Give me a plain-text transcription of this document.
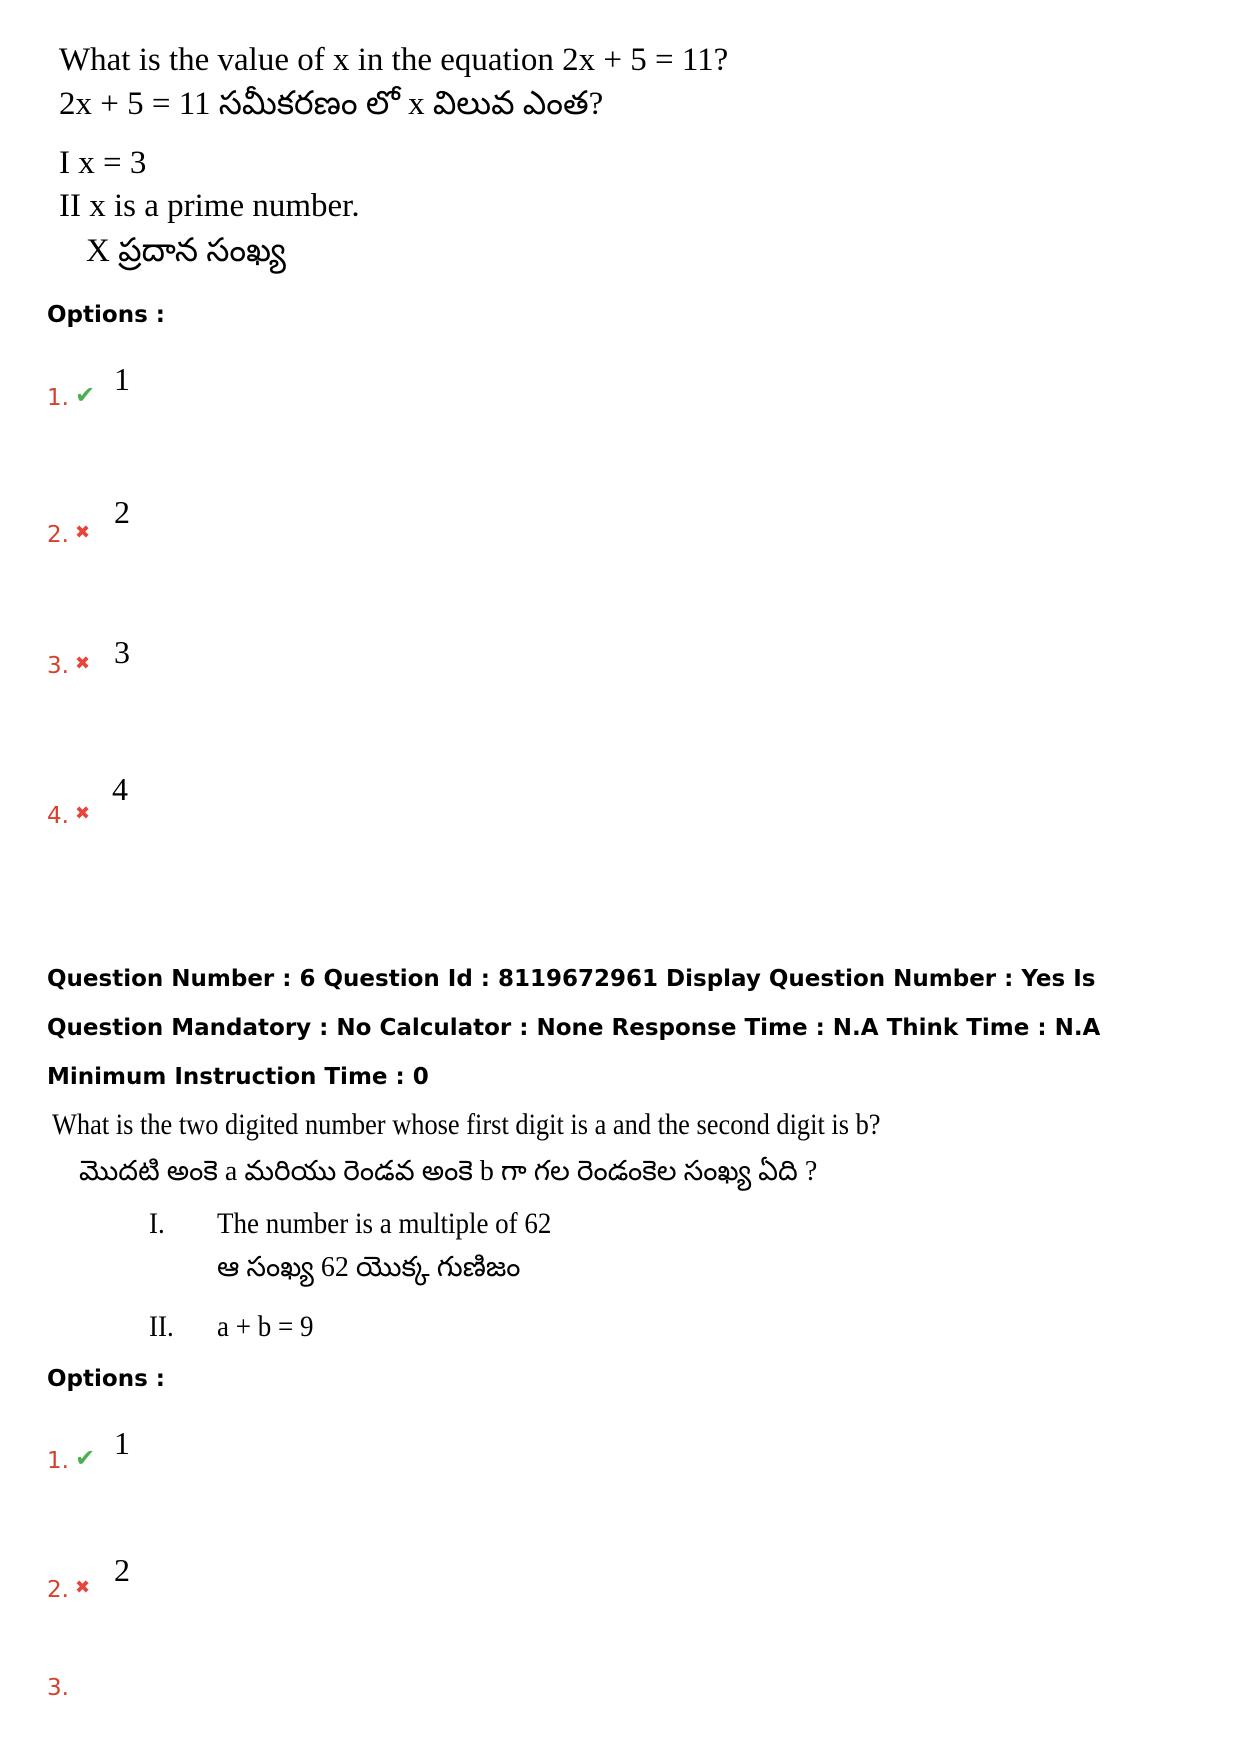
What is the value of x in the equation 2x + 5 = 11?
2x + 5 = 11 సమీకరణం లో x విలువ ఎంత?
I x = 3
II x is a prime number.
X ప్రదాన సంఖ్య
Options :
1. ✔ 1
2. ✖
2
3. ✖ 3
4. ✖
4
Question Number : 6 Question Id : 8119672961 Display Question Number : Yes Is Question Mandatory : No Calculator : None Response Time : N.A Think Time : N.A Minimum Instruction Time : 0
What is the two digited number whose first digit is a and the second digit is b?
మొదటి అంకె a మరియు రెండవ అంకె b గా గల రెండంకెల సంఖ్య ఏది ?
I. The number is a multiple of 62
ఆ సంఖ్య 62 యొక్క గుణిజం
II. a + b = 9
Options :
1. ✔ 1
2. ✖ 2
3.
